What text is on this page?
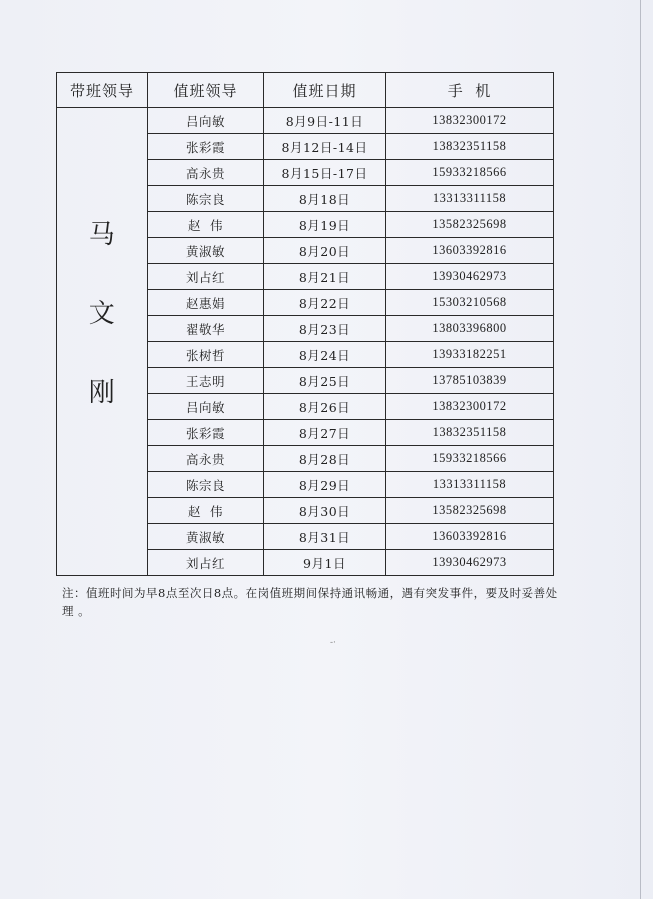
带班领导	值班领导	值班日期	手  机

马
文
刚	吕向敏	8月9日-11日	13832300172
	张彩霞	8月12日-14日	13832351158
	高永贵	8月15日-17日	15933218566
	陈宗良	8月18日	13313311158
	赵  伟	8月19日	13582325698
	黄淑敏	8月20日	13603392816
	刘占红	8月21日	13930462973
	赵惠娟	8月22日	15303210568
	翟敬华	8月23日	13803396800
	张树哲	8月24日	13933182251
	王志明	8月25日	13785103839
	吕向敏	8月26日	13832300172
	张彩霞	8月27日	13832351158
	高永贵	8月28日	15933218566
	陈宗良	8月29日	13313311158
	赵  伟	8月30日	13582325698
	黄淑敏	8月31日	13603392816
	刘占红	9月1日	13930462973
注：值班时间为早8点至次日8点。在岗值班期间保持通讯畅通，遇有突发事件，要及时妥善处理 。
-·
